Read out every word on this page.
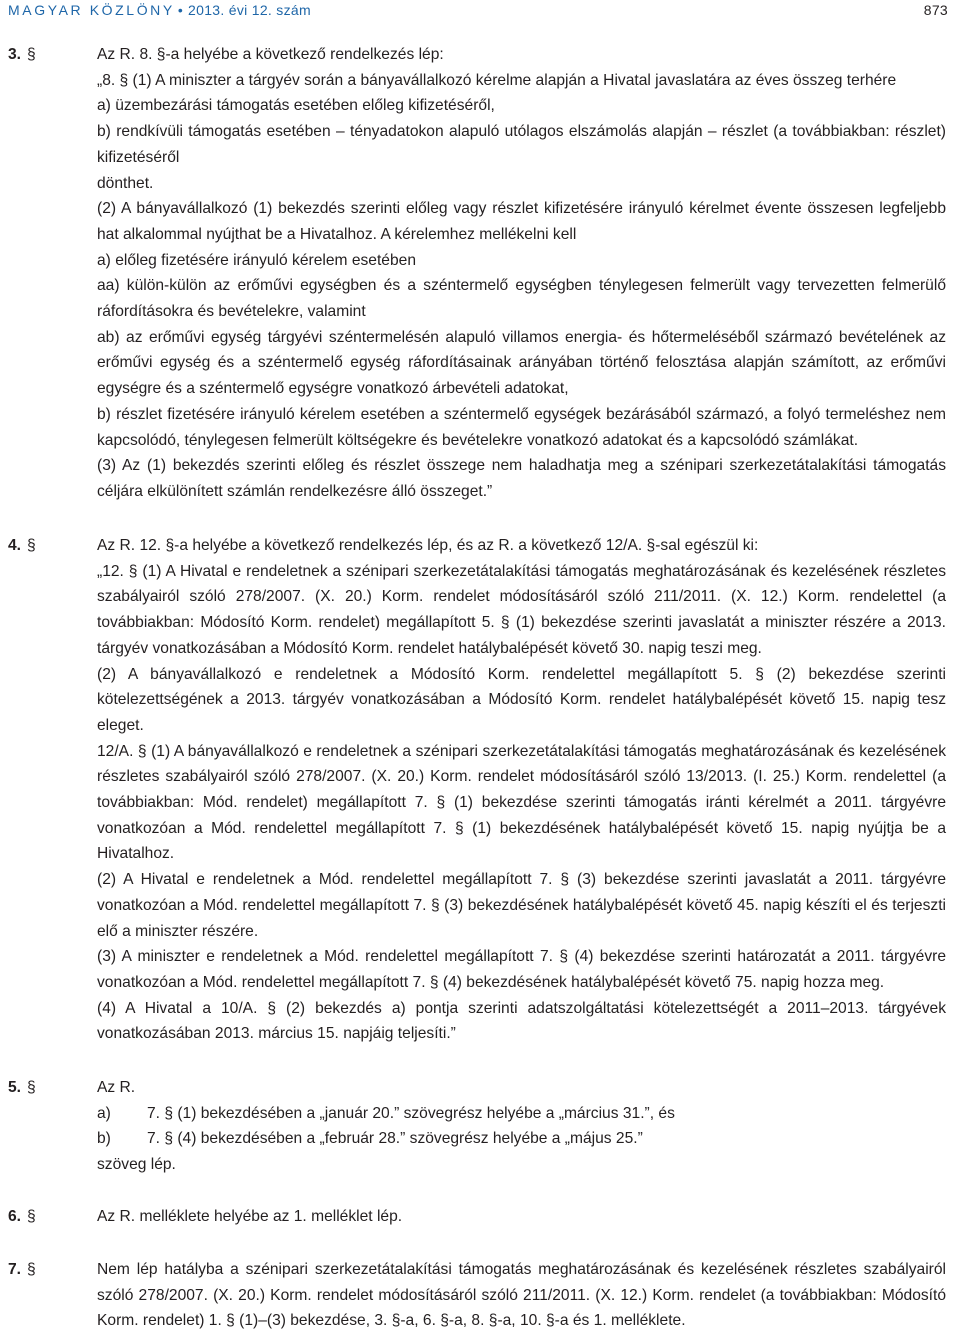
MAGYAR KÖZLÖNY • 2013. évi 12. szám	873
3. §	Az R. 8. §-a helyébe a következő rendelkezés lép:

„8. § (1) A miniszter a tárgyév során a bányavállalkozó kérelme alapján a Hivatal javaslatára az éves összeg terhére

a) üzembezárási támogatás esetében előleg kifizetéséről,

b) rendkívüli támogatás esetében – tényadatokon alapuló utólagos elszámolás alapján – részlet (a továbbiakban: részlet) kifizetéséről

dönthet.

(2) A bányavállalkozó (1) bekezdés szerinti előleg vagy részlet kifizetésére irányuló kérelmet évente összesen legfeljebb hat alkalommal nyújthat be a Hivatalhoz. A kérelemhez mellékelni kell

a) előleg fizetésére irányuló kérelem esetében

aa) külön-külön az erőművi egységben és a széntermelő egységben ténylegesen felmerült vagy tervezetten felmerülő ráfordításokra és bevételekre, valamint

ab) az erőművi egység tárgyévi széntermelésén alapuló villamos energia- és hőtermeléséből származó bevételének az erőművi egység és a széntermelő egység ráfordításainak arányában történő felosztása alapján számított, az erőművi egységre és a széntermelő egységre vonatkozó árbevételi adatokat,

b) részlet fizetésére irányuló kérelem esetében a széntermelő egységek bezárásából származó, a folyó termeléshez nem kapcsolódó, ténylegesen felmerült költségekre és bevételekre vonatkozó adatokat és a kapcsolódó számlákat.

(3) Az (1) bekezdés szerinti előleg és részlet összege nem haladhatja meg a szénipari szerkezetátalakítási támogatás céljára elkülönített számlán rendelkezésre álló összeget.”

4. §	Az R. 12. §-a helyébe a következő rendelkezés lép, és az R. a következő 12/A. §-sal egészül ki:

„12. § (1) A Hivatal e rendeletnek a szénipari szerkezetátalakítási támogatás meghatározásának és kezelésének részletes szabályairól szóló 278/2007. (X. 20.) Korm. rendelet módosításáról szóló 211/2011. (X. 12.) Korm. rendelettel (a továbbiakban: Módosító Korm. rendelet) megállapított 5. § (1) bekezdése szerinti javaslatát a miniszter részére a 2013. tárgyév vonatkozásában a Módosító Korm. rendelet hatálybalépését követő 30. napig teszi meg.

(2) A bányavállalkozó e rendeletnek a Módosító Korm. rendelettel megállapított 5. § (2) bekezdése szerinti kötelezettségének a 2013. tárgyév vonatkozásában a Módosító Korm. rendelet hatálybalépését követő 15. napig tesz eleget.

12/A. § (1) A bányavállalkozó e rendeletnek a szénipari szerkezetátalakítási támogatás meghatározásának és kezelésének részletes szabályairól szóló 278/2007. (X. 20.) Korm. rendelet módosításáról szóló 13/2013. (I. 25.) Korm. rendelettel (a továbbiakban: Mód. rendelet) megállapított 7. § (1) bekezdése szerinti támogatás iránti kérelmét a 2011. tárgyévre vonatkozóan a Mód. rendelettel megállapított 7. § (1) bekezdésének hatálybalépését követő 15. napig nyújtja be a Hivatalhoz.

(2) A Hivatal e rendeletnek a Mód. rendelettel megállapított 7. § (3) bekezdése szerinti javaslatát a 2011. tárgyévre vonatkozóan a Mód. rendelettel megállapított 7. § (3) bekezdésének hatálybalépését követő 45. napig készíti el és terjeszti elő a miniszter részére.

(3) A miniszter e rendeletnek a Mód. rendelettel megállapított 7. § (4) bekezdése szerinti határozatát a 2011. tárgyévre vonatkozóan a Mód. rendelettel megállapított 7. § (4) bekezdésének hatálybalépését követő 75. napig hozza meg.

(4) A Hivatal a 10/A. § (2) bekezdés a) pontja szerinti adatszolgáltatási kötelezettségét a 2011–2013. tárgyévek vonatkozásában 2013. március 15. napjáig teljesíti.”

5. §	Az R.

a) 7. § (1) bekezdésében a „január 20.” szövegrész helyébe a „március 31.”, és
b) 7. § (4) bekezdésében a „február 28.” szövegrész helyébe a „május 25.”

szöveg lép.

6. §	Az R. melléklete helyébe az 1. melléklet lép.

7. §	Nem lép hatályba a szénipari szerkezetátalakítási támogatás meghatározásának és kezelésének részletes szabályairól szóló 278/2007. (X. 20.) Korm. rendelet módosításáról szóló 211/2011. (X. 12.) Korm. rendelet (a továbbiakban: Módosító Korm. rendelet) 1. § (1)–(3) bekezdése, 3. §-a, 6. §-a, 8. §-a, 10. §-a és 1. melléklete.
